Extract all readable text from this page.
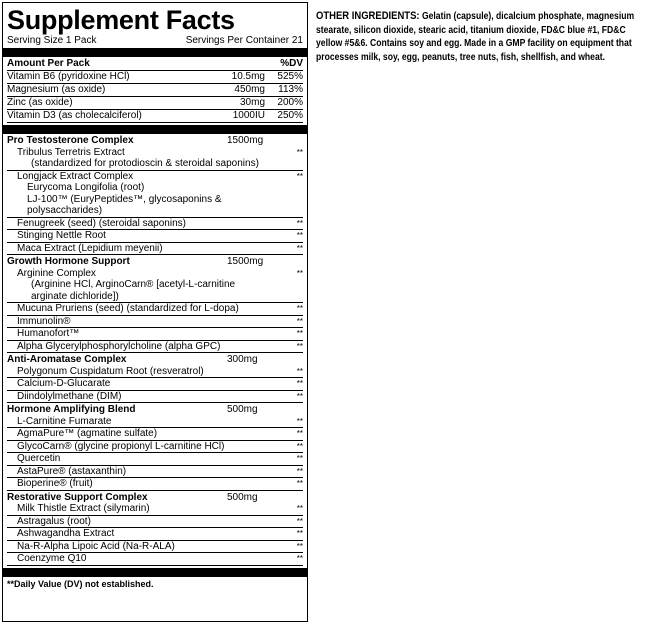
Supplement Facts
Serving Size 1 Pack	Servings Per Container 21
Amount Per Pack	%DV
Vitamin B6 (pyridoxine HCl)	10.5mg	525%
Magnesium (as oxide)	450mg	113%
Zinc (as oxide)	30mg	200%
Vitamin D3 (as cholecalciferol)	1000IU	250%
Pro Testosterone Complex	1500mg
Tribulus Terretris Extract	**
(standardized for protodioscin & steroidal saponins)
Longjack Extract Complex	**
Eurycoma Longifolia (root)
LJ-100™ (EuryPeptides™, glycosaponins &
polysaccharides)
Fenugreek (seed) (steroidal saponins)	**
Stinging Nettle Root	**
Maca Extract (Lepidium meyenii)	**
Growth Hormone Support	1500mg
Arginine Complex	**
(Arginine HCl, ArginoCarn® [acetyl-L-carnitine
arginate dichloride])
Mucuna Pruriens (seed) (standardized for L-dopa)	**
Immunolin®	**
Humanofort™	**
Alpha Glycerylphosphorylcholine (alpha GPC)	**
Anti-Aromatase Complex	300mg
Polygonum Cuspidatum Root (resveratrol)	**
Calcium-D-Glucarate	**
Diindolylmethane (DIM)	**
Hormone Amplifying Blend	500mg
L-Carnitine Fumarate	**
AgmaPure™ (agmatine sulfate)	**
GlycoCarn® (glycine propionyl L-carnitine HCl)	**
Quercetin	**
AstaPure® (astaxanthin)	**
Bioperine® (fruit)	**
Restorative Support Complex	500mg
Milk Thistle Extract (silymarin)	**
Astragalus (root)	**
Ashwagandha Extract	**
Na-R-Alpha Lipoic Acid (Na-R-ALA)	**
Coenzyme Q10	**
**Daily Value (DV) not established.
OTHER INGREDIENTS: Gelatin (capsule), dicalcium phosphate, magnesium stearate, silicon dioxide, stearic acid, titanium dioxide, FD&C blue #1, FD&C yellow #5&6. Contains soy and egg. Made in a GMP facility on equipment that processes milk, soy, egg, peanuts, tree nuts, fish, shellfish, and wheat.
